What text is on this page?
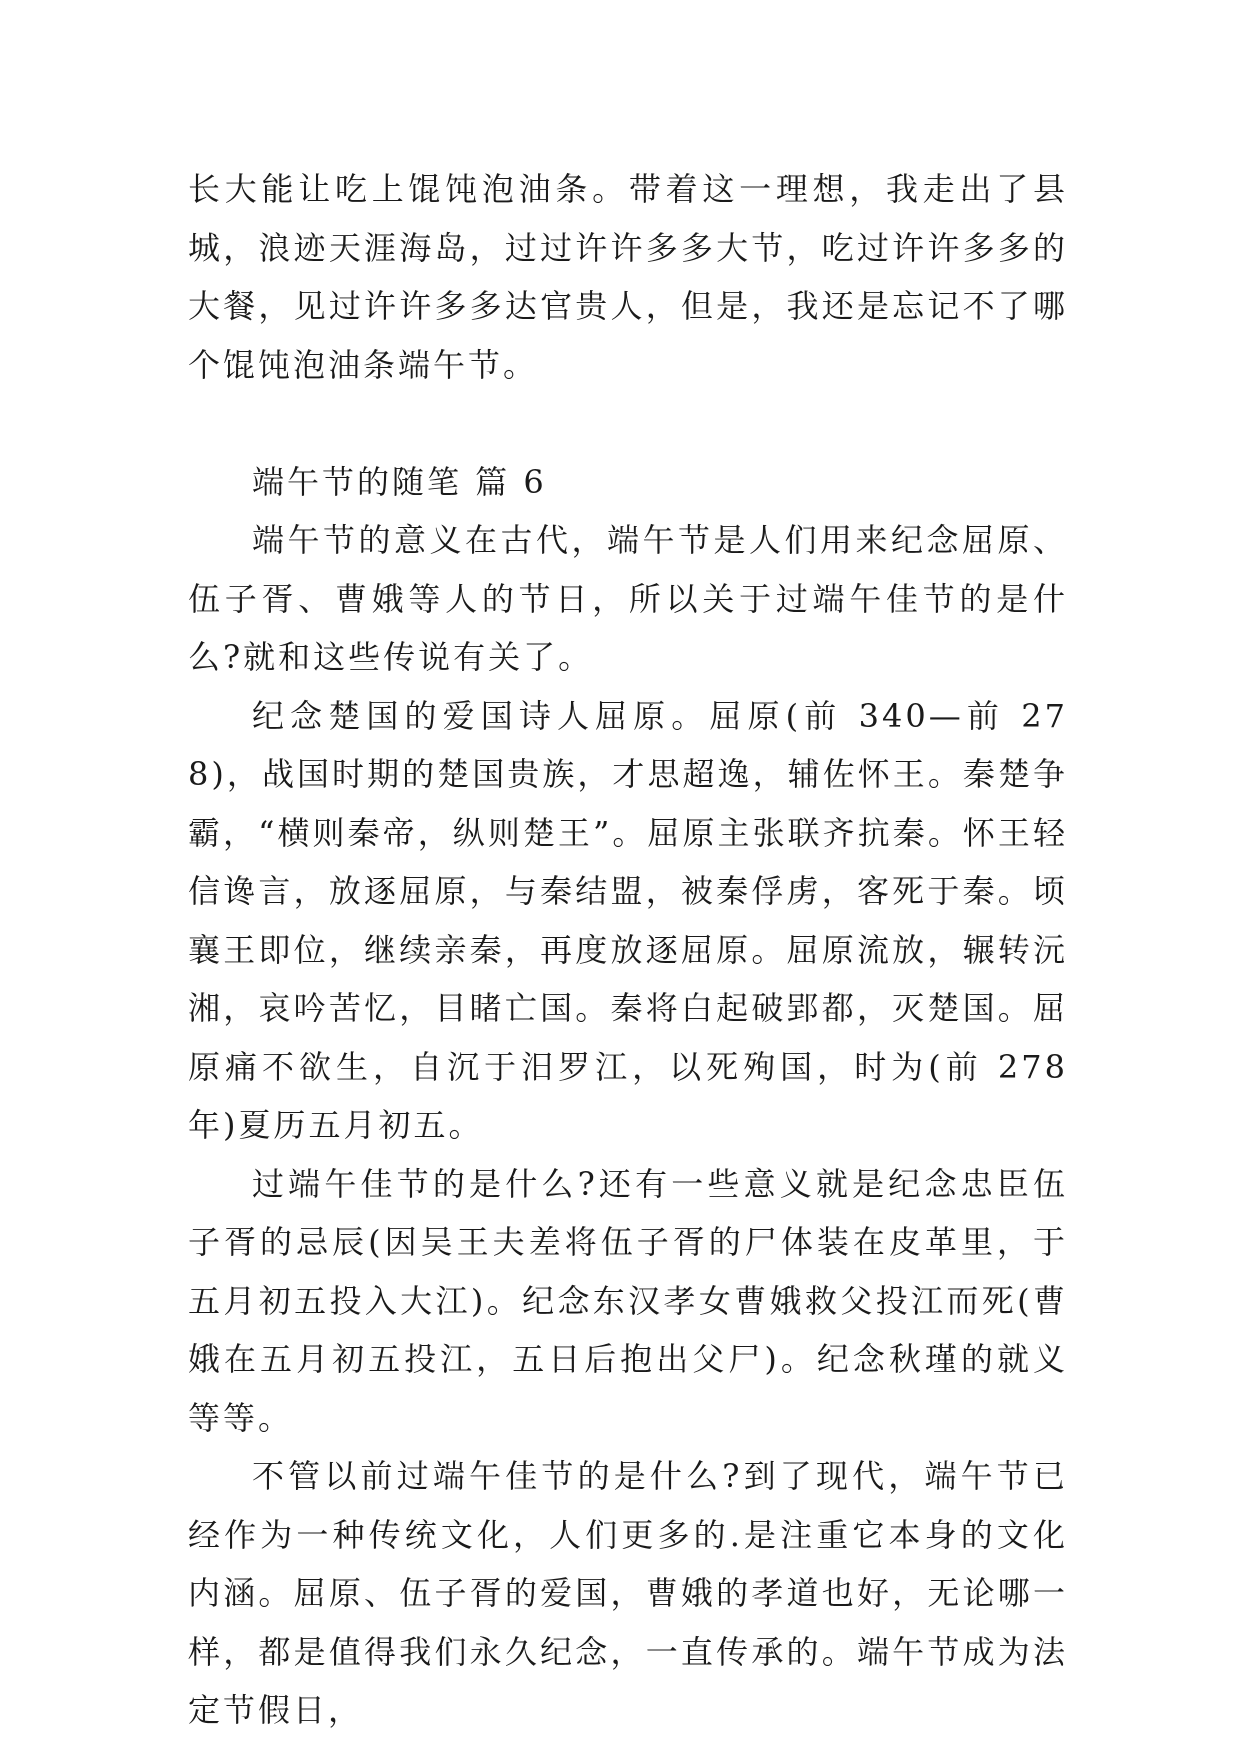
长大能让吃上馄饨泡油条。带着这一理想，我走出了县城，浪迹天涯海岛，过过许许多多大节，吃过许许多多的大餐，见过许许多多达官贵人，但是，我还是忘记不了哪个馄饨泡油条端午节。

端午节的随笔 篇 6

端午节的意义在古代，端午节是人们用来纪念屈原、伍子胥、曹娥等人的节日，所以关于过端午佳节的是什么?就和这些传说有关了。

纪念楚国的爱国诗人屈原。屈原(前 340—前 278)，战国时期的楚国贵族，才思超逸，辅佐怀王。秦楚争霸，“横则秦帝，纵则楚王”。屈原主张联齐抗秦。怀王轻信谗言，放逐屈原，与秦结盟，被秦俘虏，客死于秦。顷襄王即位，继续亲秦，再度放逐屈原。屈原流放，辗转沅湘，哀吟苦忆，目睹亡国。秦将白起破郢都，灭楚国。屈原痛不欲生，自沉于汨罗江，以死殉国，时为(前 278 年)夏历五月初五。

过端午佳节的是什么?还有一些意义就是纪念忠臣伍子胥的忌辰(因吴王夫差将伍子胥的尸体装在皮革里，于五月初五投入大江)。纪念东汉孝女曹娥救父投江而死(曹娥在五月初五投江，五日后抱出父尸)。纪念秋瑾的就义等等。

不管以前过端午佳节的是什么?到了现代，端午节已经作为一种传统文化，人们更多的.是注重它本身的文化内涵。屈原、伍子胥的爱国，曹娥的孝道也好，无论哪一样，都是值得我们永久纪念，一直传承的。端午节成为法定节假日，
